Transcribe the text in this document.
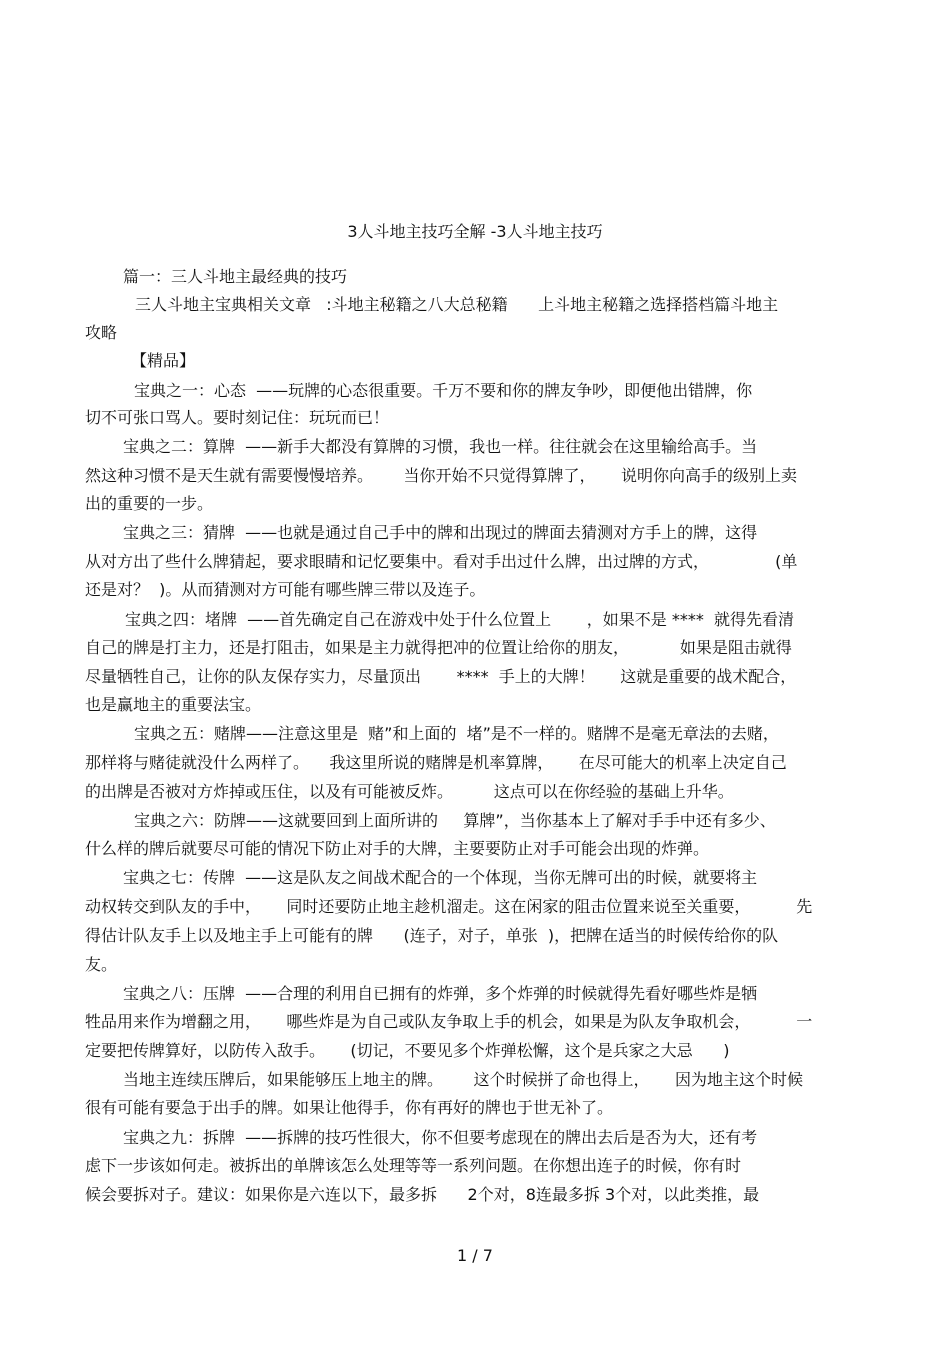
3人斗地主技巧全解 -3人斗地主技巧
篇一：三人斗地主最经典的技巧
三人斗地主宝典相关文章   :斗地主秘籍之八大总秘籍      上斗地主秘籍之选择搭档篇斗地主
攻略
【精品】
宝典之一：心态  ——玩牌的心态很重要。千万不要和你的牌友争吵，即便他出错牌，你
切不可张口骂人。要时刻记住：玩玩而已！
宝典之二：算牌  ——新手大都没有算牌的习惯，我也一样。往往就会在这里输给高手。当
然这种习惯不是天生就有需要慢慢培养。      当你开始不只觉得算牌了，     说明你向高手的级别上卖
出的重要的一步。
宝典之三：猜牌  ——也就是通过自己手中的牌和出现过的牌面去猜测对方手上的牌，这得
从对方出了些什么牌猜起，要求眼睛和记忆要集中。看对手出过什么牌，出过牌的方式，             (单
还是对？  )。从而猜测对方可能有哪些牌三带以及连子。
宝典之四：堵牌  ——首先确定自己在游戏中处于什么位置上       ，如果不是 ****  就得先看清
自己的牌是打主力，还是打阻击，如果是主力就得把冲的位置让给你的朋友，          如果是阻击就得
尽量牺牲自己，让你的队友保存实力，尽量顶出       ****  手上的大牌！     这就是重要的战术配合，
也是赢地主的重要法宝。
宝典之五：赌牌——注意这里是  赌”和上面的  堵”是不一样的。赌牌不是毫无章法的去赌，
那样将与赌徒就没什么两样了。    我这里所说的赌牌是机率算牌，     在尽可能大的机率上决定自己
的出牌是否被对方炸掉或压住，以及有可能被反炸。        这点可以在你经验的基础上升华。
宝典之六：防牌——这就要回到上面所讲的     算牌”，当你基本上了解对手手中还有多少、
什么样的牌后就要尽可能的情况下防止对手的大牌，主要要防止对手可能会出现的炸弹。
宝典之七：传牌  ——这是队友之间战术配合的一个体现，当你无牌可出的时候，就要将主
动权转交到队友的手中，     同时还要防止地主趁机溜走。这在闲家的阻击位置来说至关重要，         先
得估计队友手上以及地主手上可能有的牌      (连子，对子，单张  )，把牌在适当的时候传给你的队
友。
宝典之八：压牌  ——合理的利用自已拥有的炸弹，多个炸弹的时候就得先看好哪些炸是牺
牲品用来作为增翻之用，     哪些炸是为自己或队友争取上手的机会，如果是为队友争取机会，         一
定要把传牌算好，以防传入敌手。     (切记，不要见多个炸弹松懈，这个是兵家之大忌      )
当地主连续压牌后，如果能够压上地主的牌。      这个时候拼了命也得上，     因为地主这个时候
很有可能有要急于出手的牌。如果让他得手，你有再好的牌也于世无补了。
宝典之九：拆牌  ——拆牌的技巧性很大，你不但要考虑现在的牌出去后是否为大，还有考
虑下一步该如何走。被拆出的单牌该怎么处理等等一系列问题。在你想出连子的时候，你有时
候会要拆对子。建议：如果你是六连以下，最多拆      2个对，8连最多拆 3个对，以此类推，最
1 / 7
